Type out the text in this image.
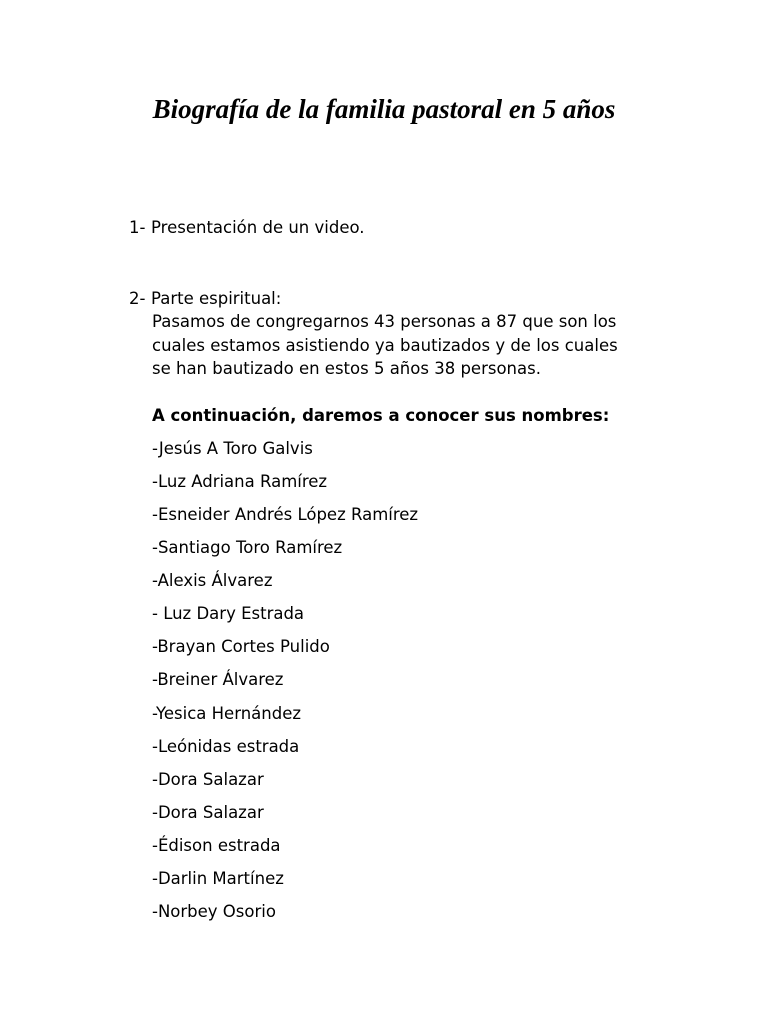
Biografía de la familia pastoral en 5 años
1- Presentación de un video.
2- Parte espiritual:
Pasamos de congregarnos 43 personas a 87 que son los
cuales estamos asistiendo ya bautizados y de los cuales
se han bautizado en estos 5 años 38 personas.
A continuación, daremos a conocer sus nombres:
-Jesús A Toro Galvis
-Luz Adriana Ramírez
-Esneider Andrés López Ramírez
-Santiago Toro Ramírez
-Alexis Álvarez
- Luz Dary Estrada
-Brayan Cortes Pulido
-Breiner Álvarez
-Yesica Hernández
-Leónidas estrada
-Dora Salazar
-Dora Salazar
-Édison estrada
-Darlin Martínez
-Norbey Osorio
